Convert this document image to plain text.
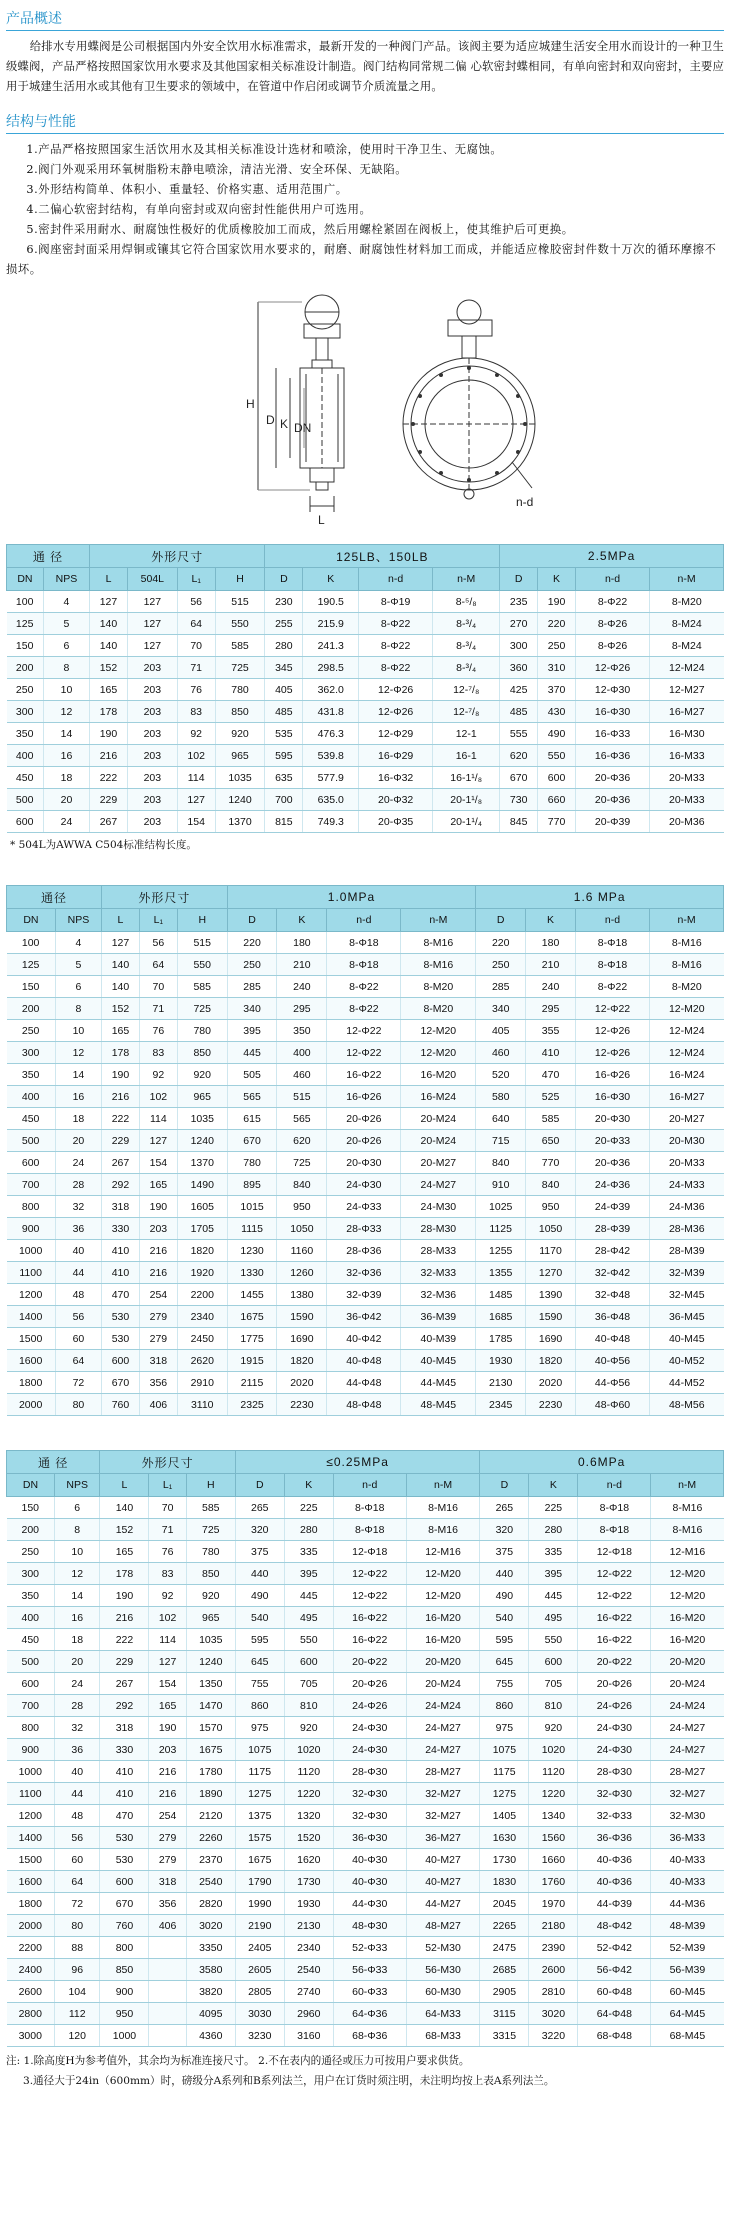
产品概述

给排水专用蝶阀是公司根据国内外安全饮用水标准需求，最新开发的一种阀门产品。该阀主要为适应城建生活安全用水而设计的一种卫生级蝶阀，产品严格按照国家饮用水要求及其他国家相关标准设计制造。阀门结构同常规二偏 心软密封蝶相同，有单向密封和双向密封，主要应用于城建生活用水或其他有卫生要求的领域中，在管道中作启闭或调节介质流量之用。

结构与性能
1.产品严格按照国家生活饮用水及其相关标准设计选材和喷涂，使用时干净卫生、无腐蚀。
2.阀门外观采用环氧树脂粉末静电喷涂，清洁光滑、安全环保、无缺陷。
3.外形结构简单、体积小、重量轻、价格实惠、适用范围广。
4.二偏心软密封结构，有单向密封或双向密封性能供用户可选用。
5.密封件采用耐水、耐腐蚀性极好的优质橡胶加工而成，然后用螺栓紧固在阀板上，使其维护后可更换。
6.阀座密封面采用焊铜或镶其它符合国家饮用水要求的，耐磨、耐腐蚀性材料加工而成，并能适应橡胶密封件数十万次的循环摩擦不损坏。
H
D K DN
L
n-d
通 径		外形尺寸				125LB、150LB				2.5MPa			
DN	NPS	L	504L	L₁	H	D	K	n-d	n-M	D	K	n-d	n-M
100	4	127	127	56	515	230	190.5	8-Φ19	8-⁵/₈	235	190	8-Φ22	8-M20
125	5	140	127	64	550	255	215.9	8-Φ22	8-³/₄	270	220	8-Φ26	8-M24
150	6	140	127	70	585	280	241.3	8-Φ22	8-³/₄	300	250	8-Φ26	8-M24
200	8	152	203	71	725	345	298.5	8-Φ22	8-³/₄	360	310	12-Φ26	12-M24
250	10	165	203	76	780	405	362.0	12-Φ26	12-⁷/₈	425	370	12-Φ30	12-M27
300	12	178	203	83	850	485	431.8	12-Φ26	12-⁷/₈	485	430	16-Φ30	16-M27
350	14	190	203	92	920	535	476.3	12-Φ29	12-1	555	490	16-Φ33	16-M30
400	16	216	203	102	965	595	539.8	16-Φ29	16-1	620	550	16-Φ36	16-M33
450	18	222	203	114	1035	635	577.9	16-Φ32	16-1¹/₈	670	600	20-Φ36	20-M33
500	20	229	203	127	1240	700	635.0	20-Φ32	20-1¹/₈	730	660	20-Φ36	20-M33
600	24	267	203	154	1370	815	749.3	20-Φ35	20-1¹/₄	845	770	20-Φ39	20-M36
* 504L为AWWA C504标准结构长度。
通径		外形尺寸			1.0MPa				1.6 MPa			
DN	NPS	L	L₁	H	D	K	n-d	n-M	D	K	n-d	n-M
100	4	127	56	515	220	180	8-Φ18	8-M16	220	180	8-Φ18	8-M16
125	5	140	64	550	250	210	8-Φ18	8-M16	250	210	8-Φ18	8-M16
150	6	140	70	585	285	240	8-Φ22	8-M20	285	240	8-Φ22	8-M20
200	8	152	71	725	340	295	8-Φ22	8-M20	340	295	12-Φ22	12-M20
250	10	165	76	780	395	350	12-Φ22	12-M20	405	355	12-Φ26	12-M24
300	12	178	83	850	445	400	12-Φ22	12-M20	460	410	12-Φ26	12-M24
350	14	190	92	920	505	460	16-Φ22	16-M20	520	470	16-Φ26	16-M24
400	16	216	102	965	565	515	16-Φ26	16-M24	580	525	16-Φ30	16-M27
450	18	222	114	1035	615	565	20-Φ26	20-M24	640	585	20-Φ30	20-M27
500	20	229	127	1240	670	620	20-Φ26	20-M24	715	650	20-Φ33	20-M30
600	24	267	154	1370	780	725	20-Φ30	20-M27	840	770	20-Φ36	20-M33
700	28	292	165	1490	895	840	24-Φ30	24-M27	910	840	24-Φ36	24-M33
800	32	318	190	1605	1015	950	24-Φ33	24-M30	1025	950	24-Φ39	24-M36
900	36	330	203	1705	1115	1050	28-Φ33	28-M30	1125	1050	28-Φ39	28-M36
1000	40	410	216	1820	1230	1160	28-Φ36	28-M33	1255	1170	28-Φ42	28-M39
1100	44	410	216	1920	1330	1260	32-Φ36	32-M33	1355	1270	32-Φ42	32-M39
1200	48	470	254	2200	1455	1380	32-Φ39	32-M36	1485	1390	32-Φ48	32-M45
1400	56	530	279	2340	1675	1590	36-Φ42	36-M39	1685	1590	36-Φ48	36-M45
1500	60	530	279	2450	1775	1690	40-Φ42	40-M39	1785	1690	40-Φ48	40-M45
1600	64	600	318	2620	1915	1820	40-Φ48	40-M45	1930	1820	40-Φ56	40-M52
1800	72	670	356	2910	2115	2020	44-Φ48	44-M45	2130	2020	44-Φ56	44-M52
2000	80	760	406	3110	2325	2230	48-Φ48	48-M45	2345	2230	48-Φ60	48-M56
通 径		外形尺寸			≤0.25MPa				0.6MPa			
DN	NPS	L	L₁	H	D	K	n-d	n-M	D	K	n-d	n-M
150	6	140	70	585	265	225	8-Φ18	8-M16	265	225	8-Φ18	8-M16
200	8	152	71	725	320	280	8-Φ18	8-M16	320	280	8-Φ18	8-M16
250	10	165	76	780	375	335	12-Φ18	12-M16	375	335	12-Φ18	12-M16
300	12	178	83	850	440	395	12-Φ22	12-M20	440	395	12-Φ22	12-M20
350	14	190	92	920	490	445	12-Φ22	12-M20	490	445	12-Φ22	12-M20
400	16	216	102	965	540	495	16-Φ22	16-M20	540	495	16-Φ22	16-M20
450	18	222	114	1035	595	550	16-Φ22	16-M20	595	550	16-Φ22	16-M20
500	20	229	127	1240	645	600	20-Φ22	20-M20	645	600	20-Φ22	20-M20
600	24	267	154	1350	755	705	20-Φ26	20-M24	755	705	20-Φ26	20-M24
700	28	292	165	1470	860	810	24-Φ26	24-M24	860	810	24-Φ26	24-M24
800	32	318	190	1570	975	920	24-Φ30	24-M27	975	920	24-Φ30	24-M27
900	36	330	203	1675	1075	1020	24-Φ30	24-M27	1075	1020	24-Φ30	24-M27
1000	40	410	216	1780	1175	1120	28-Φ30	28-M27	1175	1120	28-Φ30	28-M27
1100	44	410	216	1890	1275	1220	32-Φ30	32-M27	1275	1220	32-Φ30	32-M27
1200	48	470	254	2120	1375	1320	32-Φ30	32-M27	1405	1340	32-Φ33	32-M30
1400	56	530	279	2260	1575	1520	36-Φ30	36-M27	1630	1560	36-Φ36	36-M33
1500	60	530	279	2370	1675	1620	40-Φ30	40-M27	1730	1660	40-Φ36	40-M33
1600	64	600	318	2540	1790	1730	40-Φ30	40-M27	1830	1760	40-Φ36	40-M33
1800	72	670	356	2820	1990	1930	44-Φ30	44-M27	2045	1970	44-Φ39	44-M36
2000	80	760	406	3020	2190	2130	48-Φ30	48-M27	2265	2180	48-Φ42	48-M39
2200	88	800		3350	2405	2340	52-Φ33	52-M30	2475	2390	52-Φ42	52-M39
2400	96	850		3580	2605	2540	56-Φ33	56-M30	2685	2600	56-Φ42	56-M39
2600	104	900		3820	2805	2740	60-Φ33	60-M30	2905	2810	60-Φ48	60-M45
2800	112	950		4095	3030	2960	64-Φ36	64-M33	3115	3020	64-Φ48	64-M45
3000	120	1000		4360	3230	3160	68-Φ36	68-M33	3315	3220	68-Φ48	68-M45
注: 1.除高度H为参考值外，其余均为标准连接尺寸。 2.不在表内的通径或压力可按用户要求供货。
3.通径大于24in（600mm）时，磅级分A系列和B系列法兰，用户在订货时须注明，未注明均按上表A系列法兰。
